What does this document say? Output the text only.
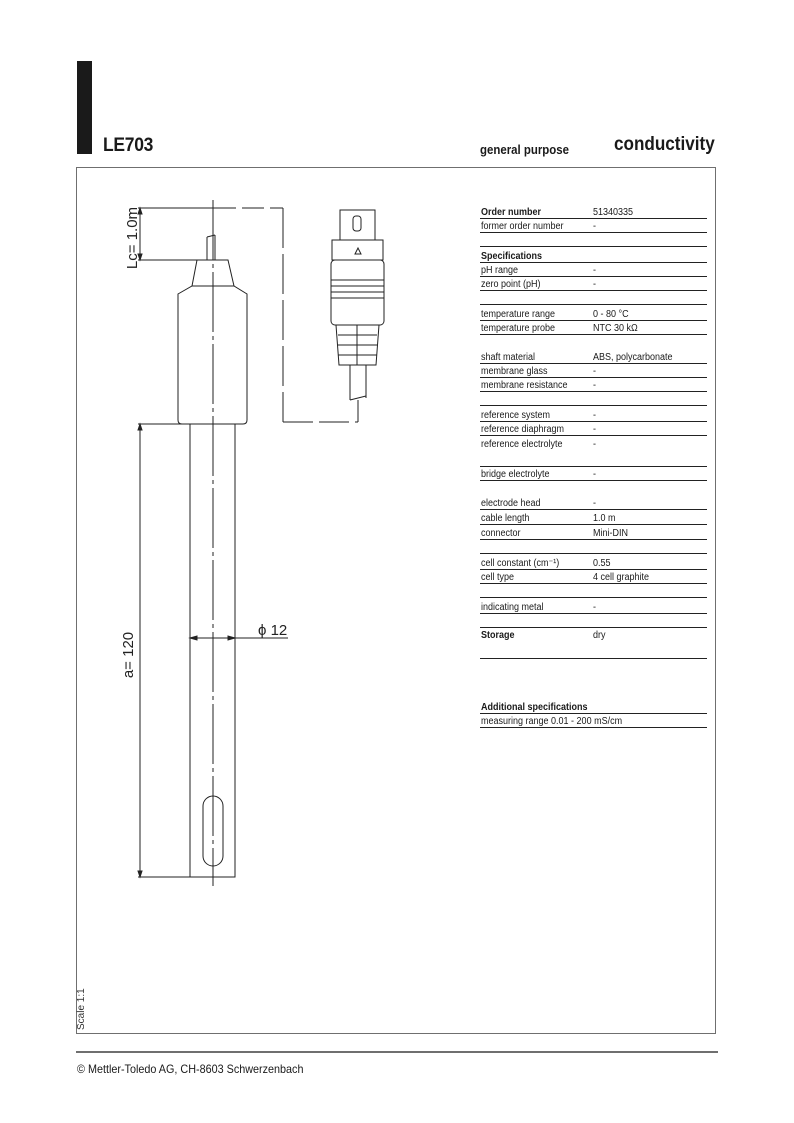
LE703	general purpose conductivity
Lc= 1.0m
a= 120
ϕ 12
Scale 1:1
Order number	51340335
former order number	-
Specifications
pH range	-
zero point (pH)	-
temperature range	0 - 80 °C
temperature probe	NTC 30 kΩ
shaft material	ABS, polycarbonate
membrane glass	-
membrane resistance	-
reference system	-
reference diaphragm	-
reference electrolyte	-
bridge electrolyte	-
electrode head	-
cable length	1.0 m
connector	Mini-DIN
cell constant (cm⁻¹)	0.55
cell type	4 cell graphite
indicating metal	-
Storage	dry
Additional specifications
measuring range 0.01 - 200 mS/cm
© Mettler-Toledo AG, CH-8603 Schwerzenbach
